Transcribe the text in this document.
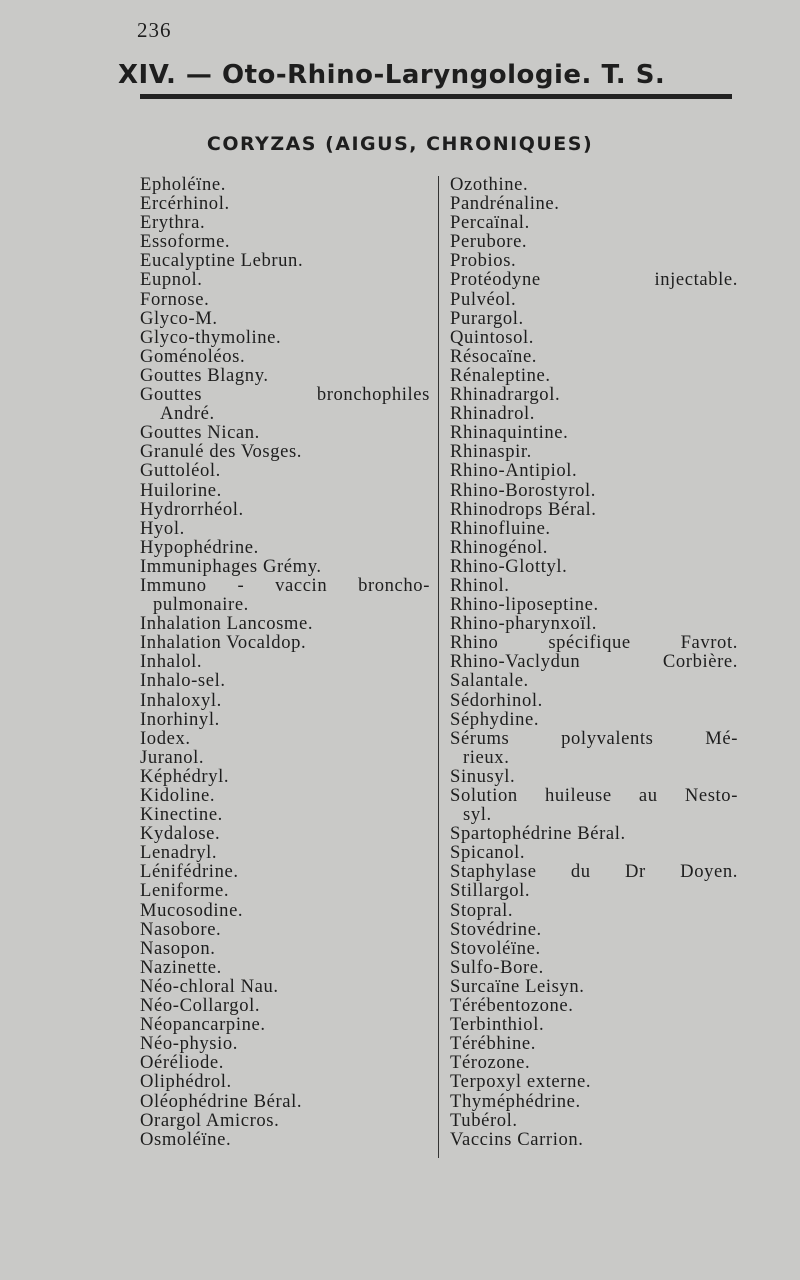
236
XIV. — Oto-Rhino-Laryngologie. T. S.
CORYZAS (AIGUS, CHRONIQUES)
Epholéïne.
Ercérhinol.
Erythra.
Essoforme.
Eucalyptine Lebrun.
Eupnol.
Fornose.
Glyco-M.
Glyco-thymoline.
Goménoléos.
Gouttes Blagny.
Gouttes	bronchophiles
André.
Gouttes Nican.
Granulé des Vosges.
Guttoléol.
Huilorine.
Hydrorrhéol.
Hyol.
Hypophédrine.
Immuniphages Grémy.
Immuno - vaccin broncho-
pulmonaire.
Inhalation Lancosme.
Inhalation Vocaldop.
Inhalol.
Inhalo-sel.
Inhaloxyl.
Inorhinyl.
Iodex.
Juranol.
Képhédryl.
Kidoline.
Kinectine.
Kydalose.
Lenadryl.
Lénifédrine.
Leniforme.
Mucosodine.
Nasobore.
Nasopon.
Nazinette.
Néo-chloral Nau.
Néo-Collargol.
Néopancarpine.
Néo-physio.
Oéréliode.
Oliphédrol.
Oléophédrine Béral.
Orargol Amicros.
Osmoléïne.
Ozothine.
Pandrénaline.
Percaïnal.
Perubore.
Probios.
Protéodyne	injectable.
Pulvéol.
Purargol.
Quintosol.
Résocaïne.
Rénaleptine.
Rhinadrargol.
Rhinadrol.
Rhinaquintine.
Rhinaspir.
Rhino-Antipiol.
Rhino-Borostyrol.
Rhinodrops Béral.
Rhinofluine.
Rhinogénol.
Rhino-Glottyl.
Rhinol.
Rhino-liposeptine.
Rhino-pharynxoïl.
Rhino	spécifique	Favrot.
Rhino-Vaclydun	Corbière.
Salantale.
Sédorhinol.
Séphydine.
Sérums	polyvalents	Mé-
rieux.
Sinusyl.
Solution huileuse au Nesto-
syl.
Spartophédrine Béral.
Spicanol.
Staphylase du Dr Doyen.
Stillargol.
Stopral.
Stovédrine.
Stovoléïne.
Sulfo-Bore.
Surcaïne Leisyn.
Térébentozone.
Terbinthiol.
Térébhine.
Térozone.
Terpoxyl externe.
Thyméphédrine.
Tubérol.
Vaccins Carrion.
